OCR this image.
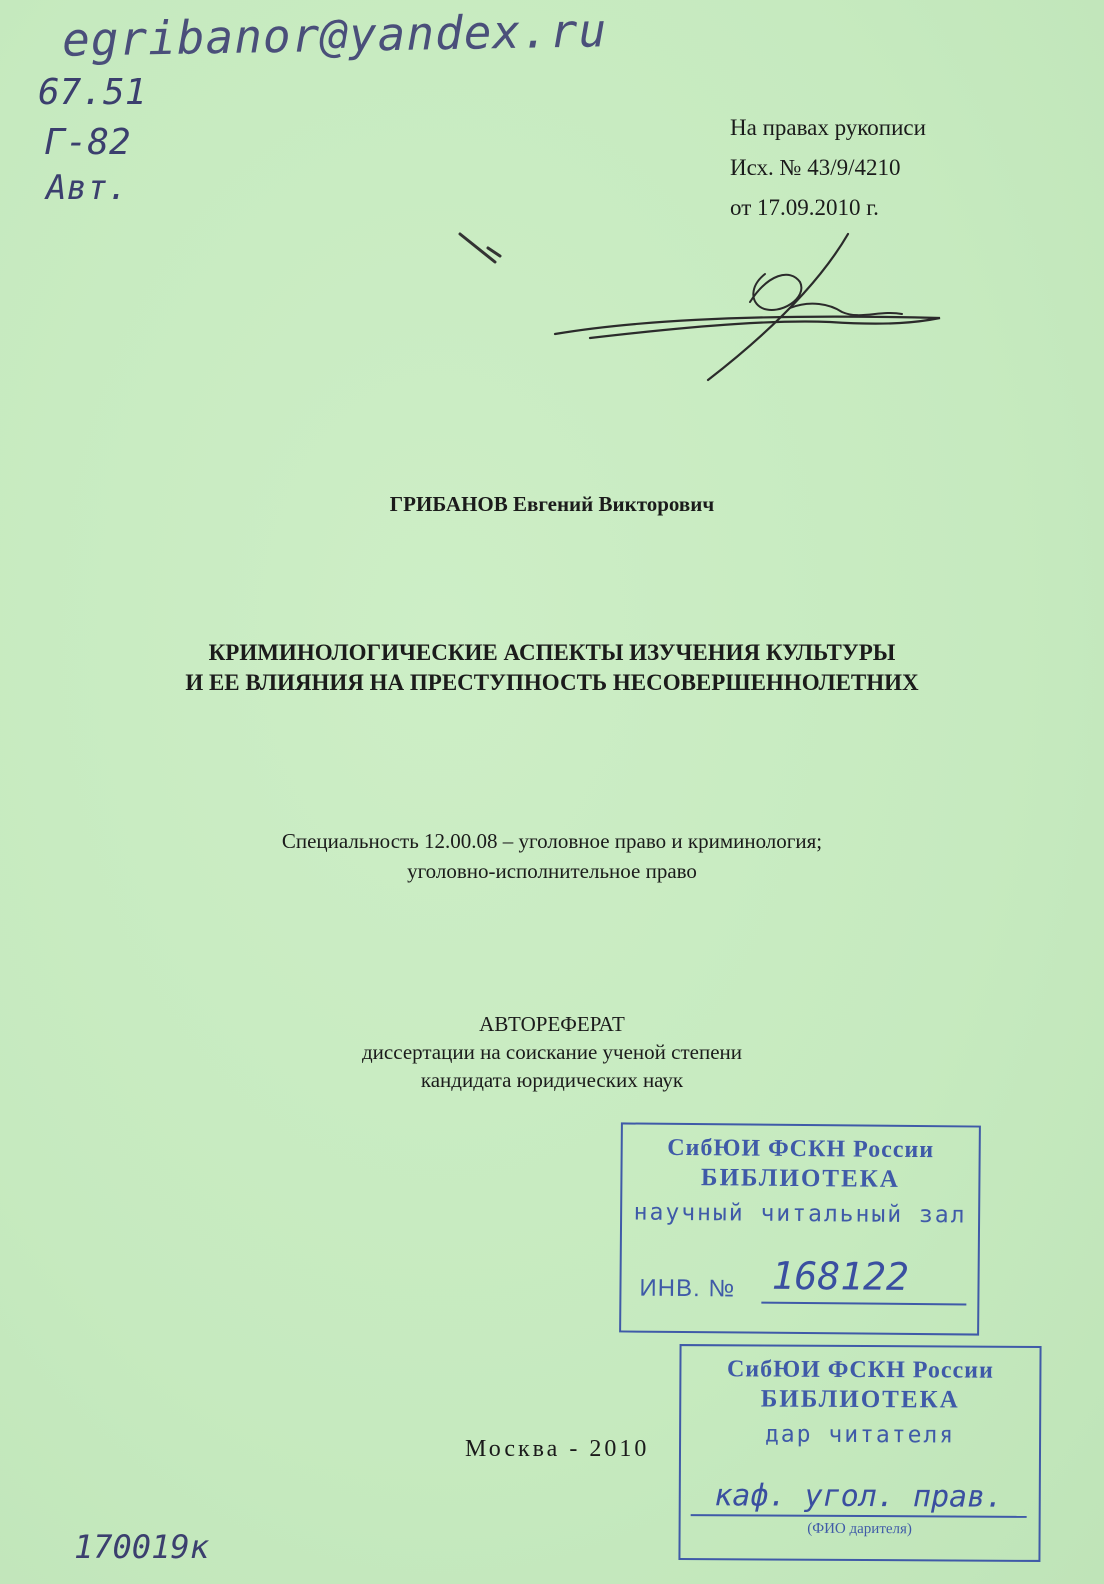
egribanor@yandex.ru
67.51
Г-82
Авт.
На правах рукописи
Исх. № 43/9/4210
от 17.09.2010 г.
ГРИБАНОВ Евгений Викторович
КРИМИНОЛОГИЧЕСКИЕ АСПЕКТЫ ИЗУЧЕНИЯ КУЛЬТУРЫ
И ЕЕ ВЛИЯНИЯ НА ПРЕСТУПНОСТЬ НЕСОВЕРШЕННОЛЕТНИХ
Специальность 12.00.08 – уголовное право и криминология;
уголовно-исполнительное право
АВТОРЕФЕРАТ
диссертации на соискание ученой степени
кандидата юридических наук
СибЮИ ФСКН России
БИБЛИОТЕКА
научный читальный зал
ИНВ. № 168122
Москва - 2010
СибЮИ ФСКН России
БИБЛИОТЕКА
дар читателя
каф. угол. прав.
(ФИО дарителя)
170019к
